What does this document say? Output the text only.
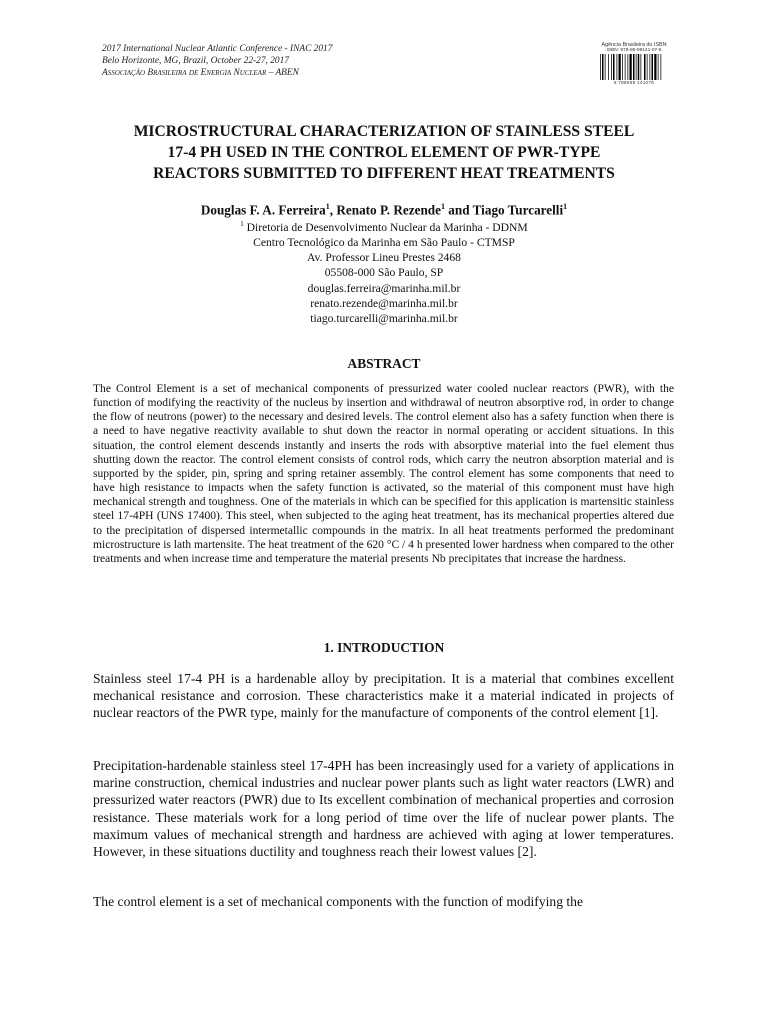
2017 International Nuclear Atlantic Conference - INAC 2017
Belo Horizonte, MG, Brazil, October 22-27, 2017
Associação Brasileira de Energia Nuclear – ABEN
Agência Brasileira do ISBN
ISBN: 978-85-99141-07-6
9 788599 141076
MICROSTRUCTURAL CHARACTERIZATION OF STAINLESS STEEL
17-4 PH USED IN THE CONTROL ELEMENT OF PWR-TYPE
REACTORS SUBMITTED TO DIFFERENT HEAT TREATMENTS
Douglas F. A. Ferreira$^1$, Renato P. Rezende$^1$ and Tiago Turcarelli$^1$
$^1$ Diretoria de Desenvolvimento Nuclear da Marinha - DDNM
Centro Tecnológico da Marinha em São Paulo - CTMSP
Av. Professor Lineu Prestes 2468
05508-000 São Paulo, SP
douglas.ferreira@marinha.mil.br
renato.rezende@marinha.mil.br
tiago.turcarelli@marinha.mil.br
ABSTRACT
The Control Element is a set of mechanical components of pressurized water cooled nuclear reactors (PWR), with the function of modifying the reactivity of the nucleus by insertion and withdrawal of neutron absorptive rod, in order to change the flow of neutrons (power) to the necessary and desired levels. The control element also has a safety function when there is a need to have negative reactivity available to shut down the reactor in normal operating or accident situations. In this situation, the control element descends instantly and inserts the rods with absorptive material into the fuel element thus shutting down the reactor. The control element consists of control rods, which carry the neutron absorption material and is supported by the spider, pin, spring and spring retainer assembly. The control element has some components that need to have high resistance to impacts when the safety function is activated, so the material of this component must have high mechanical strength and toughness. One of the materials in which can be specified for this application is martensitic stainless steel 17-4PH (UNS 17400). This steel, when subjected to the aging heat treatment, has its mechanical properties altered due to the precipitation of dispersed intermetallic compounds in the matrix. In all heat treatments performed the predominant microstructure is lath martensite. The heat treatment of the 620 °C / 4 h presented lower hardness when compared to the other treatments and when increase time and temperature the material presents Nb precipitates that increase the hardness.
1. INTRODUCTION
Stainless steel 17-4 PH is a hardenable alloy by precipitation. It is a material that combines excellent mechanical resistance and corrosion. These characteristics make it a material indicated in projects of nuclear reactors of the PWR type, mainly for the manufacture of components of the control element [1].
Precipitation-hardenable stainless steel 17-4PH has been increasingly used for a variety of applications in marine construction, chemical industries and nuclear power plants such as light water reactors (LWR) and pressurized water reactors (PWR) due to Its excellent combination of mechanical properties and corrosion resistance. These materials work for a long period of time over the life of nuclear power plants. The maximum values of mechanical strength and hardness are achieved with aging at lower temperatures. However, in these situations ductility and toughness reach their lowest values [2].
The control element is a set of mechanical components with the function of modifying the
